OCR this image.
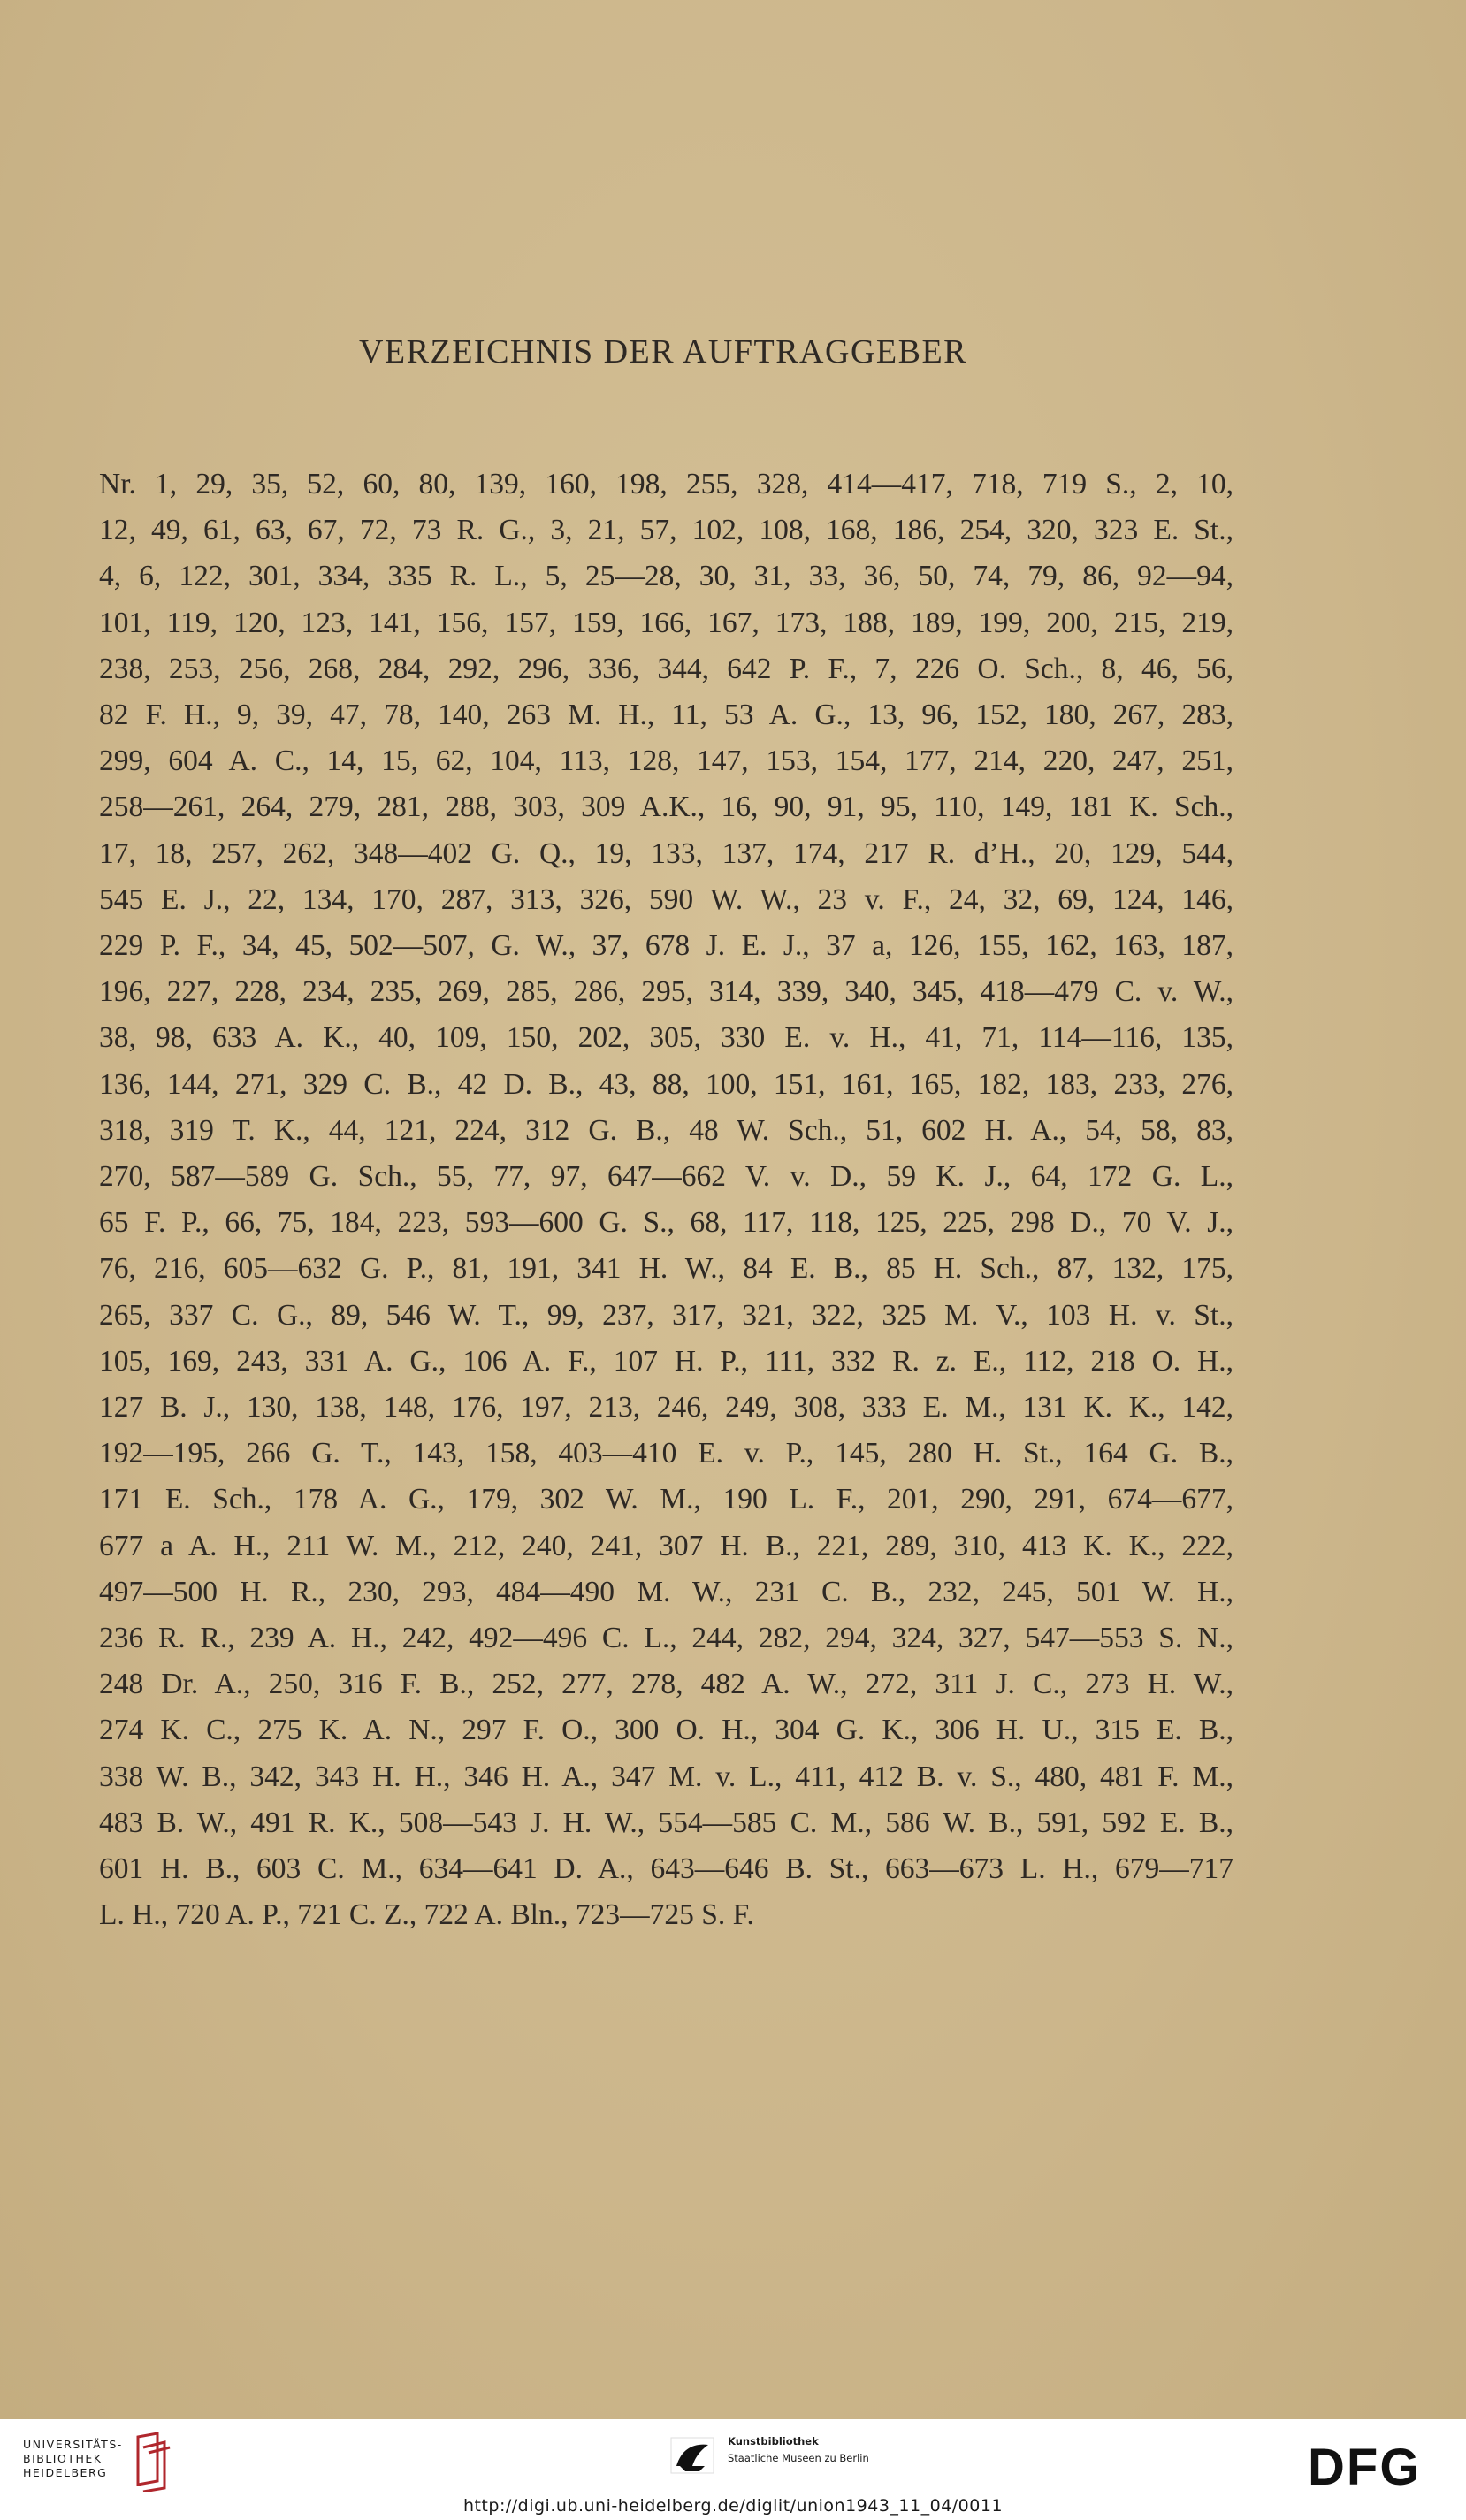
VERZEICHNIS DER AUFTRAGGEBER
Nr. 1, 29, 35, 52, 60, 80, 139, 160, 198, 255, 328, 414—417, 718, 719 S., 2, 10,
12, 49, 61, 63, 67, 72, 73 R. G., 3, 21, 57, 102, 108, 168, 186, 254, 320, 323 E. St.,
4, 6, 122, 301, 334, 335 R. L., 5, 25—28, 30, 31, 33, 36, 50, 74, 79, 86, 92—94,
101, 119, 120, 123, 141, 156, 157, 159, 166, 167, 173, 188, 189, 199, 200, 215, 219,
238, 253, 256, 268, 284, 292, 296, 336, 344, 642 P. F., 7, 226 O. Sch., 8, 46, 56,
82 F. H., 9, 39, 47, 78, 140, 263 M. H., 11, 53 A. G., 13, 96, 152, 180, 267, 283,
299, 604 A. C., 14, 15, 62, 104, 113, 128, 147, 153, 154, 177, 214, 220, 247, 251,
258—261, 264, 279, 281, 288, 303, 309 A.K., 16, 90, 91, 95, 110, 149, 181 K. Sch.,
17, 18, 257, 262, 348—402 G. Q., 19, 133, 137, 174, 217 R. d’H., 20, 129, 544,
545 E. J., 22, 134, 170, 287, 313, 326, 590 W. W., 23 v. F., 24, 32, 69, 124, 146,
229 P. F., 34, 45, 502—507, G. W., 37, 678 J. E. J., 37 a, 126, 155, 162, 163, 187,
196, 227, 228, 234, 235, 269, 285, 286, 295, 314, 339, 340, 345, 418—479 C. v. W.,
38, 98, 633 A. K., 40, 109, 150, 202, 305, 330 E. v. H., 41, 71, 114—116, 135,
136, 144, 271, 329 C. B., 42 D. B., 43, 88, 100, 151, 161, 165, 182, 183, 233, 276,
318, 319 T. K., 44, 121, 224, 312 G. B., 48 W. Sch., 51, 602 H. A., 54, 58, 83,
270, 587—589 G. Sch., 55, 77, 97, 647—662 V. v. D., 59 K. J., 64, 172 G. L.,
65 F. P., 66, 75, 184, 223, 593—600 G. S., 68, 117, 118, 125, 225, 298 D., 70 V. J.,
76, 216, 605—632 G. P., 81, 191, 341 H. W., 84 E. B., 85 H. Sch., 87, 132, 175,
265, 337 C. G., 89, 546 W. T., 99, 237, 317, 321, 322, 325 M. V., 103 H. v. St.,
105, 169, 243, 331 A. G., 106 A. F., 107 H. P., 111, 332 R. z. E., 112, 218 O. H.,
127 B. J., 130, 138, 148, 176, 197, 213, 246, 249, 308, 333 E. M., 131 K. K., 142,
192—195, 266 G. T., 143, 158, 403—410 E. v. P., 145, 280 H. St., 164 G. B.,
171 E. Sch., 178 A. G., 179, 302 W. M., 190 L. F., 201, 290, 291, 674—677,
677 a A. H., 211 W. M., 212, 240, 241, 307 H. B., 221, 289, 310, 413 K. K., 222,
497—500 H. R., 230, 293, 484—490 M. W., 231 C. B., 232, 245, 501 W. H.,
236 R. R., 239 A. H., 242, 492—496 C. L., 244, 282, 294, 324, 327, 547—553 S. N.,
248 Dr. A., 250, 316 F. B., 252, 277, 278, 482 A. W., 272, 311 J. C., 273 H. W.,
274 K. C., 275 K. A. N., 297 F. O., 300 O. H., 304 G. K., 306 H. U., 315 E. B.,
338 W. B., 342, 343 H. H., 346 H. A., 347 M. v. L., 411, 412 B. v. S., 480, 481 F. M.,
483 B. W., 491 R. K., 508—543 J. H. W., 554—585 C. M., 586 W. B., 591, 592 E. B.,
601 H. B., 603 C. M., 634—641 D. A., 643—646 B. St., 663—673 L. H., 679—717
L. H., 720 A. P., 721 C. Z., 722 A. Bln., 723—725 S. F.
UNIVERSITÄTS-
BIBLIOTHEK
HEIDELBERG
Kunstbibliothek
Staatliche Museen zu Berlin	DFG
http://digi.ub.uni-heidelberg.de/diglit/union1943_11_04/0011
